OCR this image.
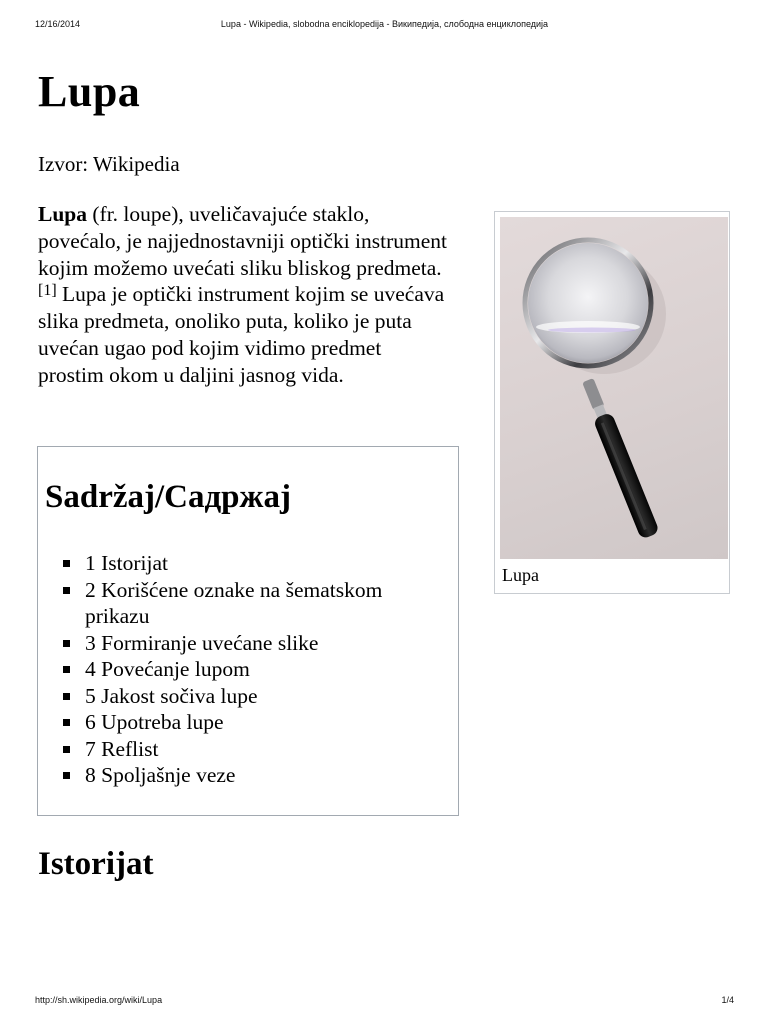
12/16/2014	Lupa - Wikipedia, slobodna enciklopedija - Википедија, слободна енциклопедија
Lupa
Izvor: Wikipedia

Lupa (fr. loupe), uveličavajuće staklo, povećalo, je najjednostavniji optički instrument kojim možemo uvećati sliku bliskog predmeta. [1] Lupa je optički instrument kojim se uvećava slika predmeta, onoliko puta, koliko je puta uvećan ugao pod kojim vidimo predmet prostim okom u daljini jasnog vida.

Lupa
Sadržaj/Садржај
1 Istorijat
2 Korišćene oznake na šematskom prikazu
3 Formiranje uvećane slike
4 Povećanje lupom
5 Jakost sočiva lupe
6 Upotreba lupe
7 Reflist
8 Spoljašnje veze
Istorijat
http://sh.wikipedia.org/wiki/Lupa	1/4
